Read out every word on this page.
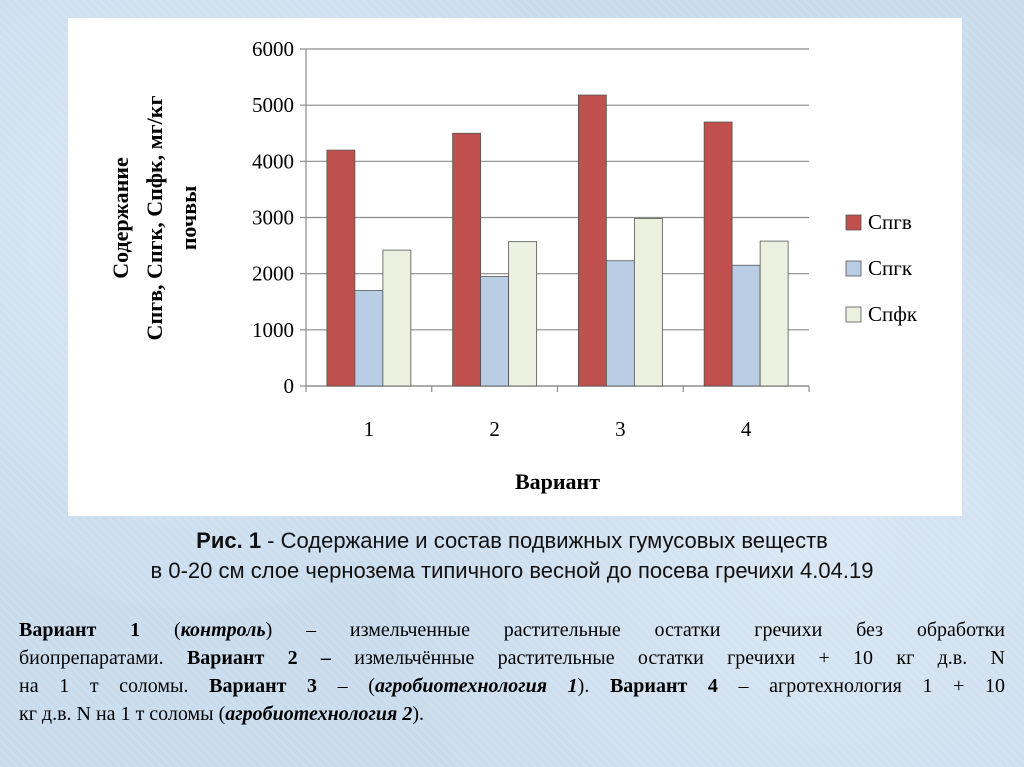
0
1000
2000
3000
4000
5000
6000
1	2	3	4
Вариант
Содержание Спгв, Спгк, Спфк, мг/кг почвы	Спгв
Спгк
Спфк
Рис. 1 - Содержание и состав подвижных гумусовых веществ
в 0-20 см слое чернозема типичного весной до посева гречихи 4.04.19
Вариант 1 (контроль) – измельченные растительные остатки гречихи без обработки
биопрепаратами. Вариант 2 – измельчённые растительные остатки гречихи + 10 кг д.в. N
на 1 т соломы. Вариант 3 – (агробиотехнология 1). Вариант 4 – агротехнология 1 + 10
кг д.в. N на 1 т соломы (агробиотехнология 2).
